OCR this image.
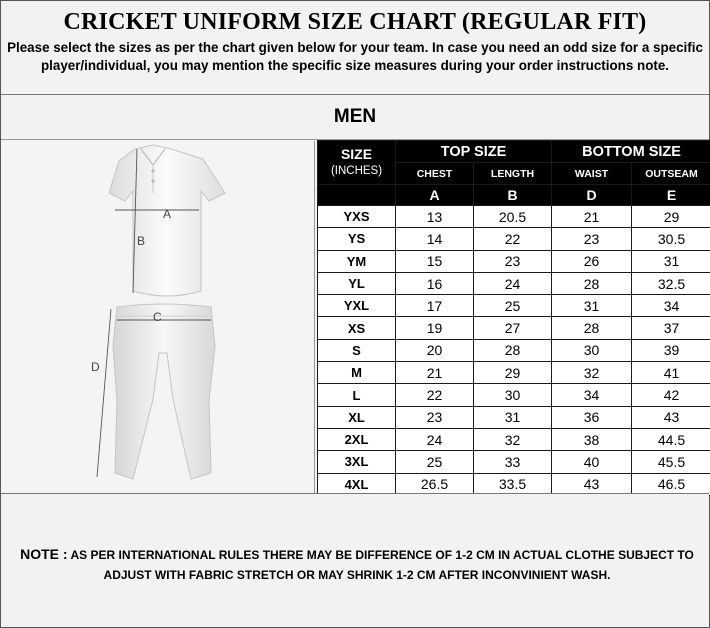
CRICKET UNIFORM SIZE CHART (REGULAR FIT)

Please select the sizes as per the chart given below for your team. In case you need an odd size for a specific player/individual, you may mention the specific size measures during your order instructions note.

MEN
A
B
C
D
SIZE
(INCHES)	TOP SIZE		BOTTOM SIZE	
	CHEST	LENGTH	WAIST	OUTSEAM
	A	B	D	E
YXS	13	20.5	21	29
YS	14	22	23	30.5
YM	15	23	26	31
YL	16	24	28	32.5
YXL	17	25	31	34
XS	19	27	28	37
S	20	28	30	39
M	21	29	32	41
L	22	30	34	42
XL	23	31	36	43
2XL	24	32	38	44.5
3XL	25	33	40	45.5
4XL	26.5	33.5	43	46.5

NOTE : AS PER INTERNATIONAL RULES THERE MAY BE DIFFERENCE OF 1-2 CM IN ACTUAL CLOTHE SUBJECT TO ADJUST WITH FABRIC STRETCH OR MAY SHRINK 1-2 CM AFTER INCONVINIENT WASH.
